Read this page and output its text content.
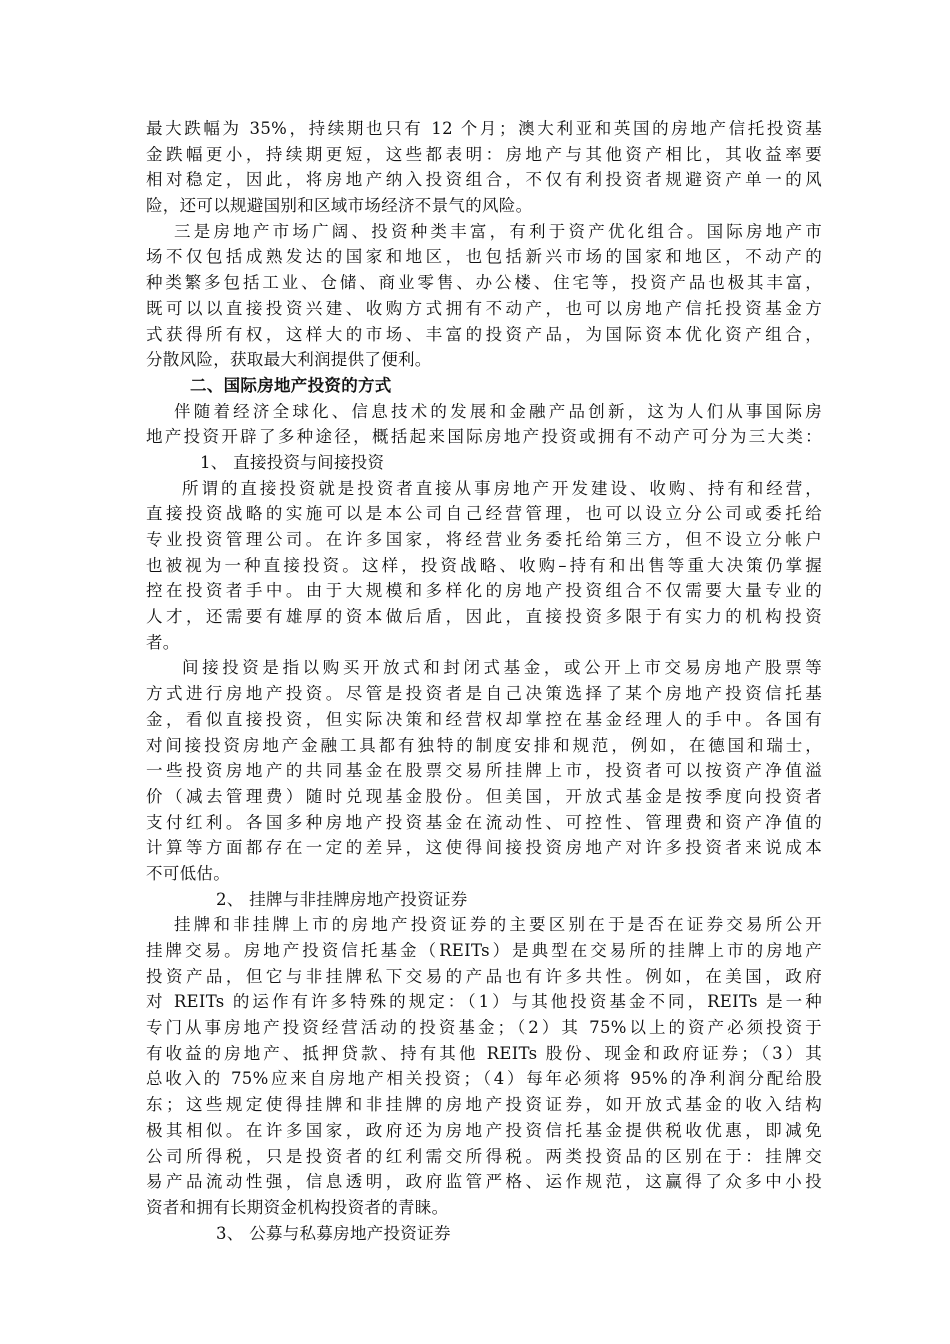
最大跌幅为 35%，持续期也只有 12 个月；澳大利亚和英国的房地产信托投资基
金跌幅更小，持续期更短，这些都表明：房地产与其他资产相比，其收益率要
相对稳定，因此，将房地产纳入投资组合，不仅有利投资者规避资产单一的风
险，还可以规避国别和区域市场经济不景气的风险。
三是房地产市场广阔、投资种类丰富，有利于资产优化组合。国际房地产市
场不仅包括成熟发达的国家和地区，也包括新兴市场的国家和地区，不动产的
种类繁多包括工业、仓储、商业零售、办公楼、住宅等，投资产品也极其丰富，
既可以以直接投资兴建、收购方式拥有不动产，也可以房地产信托投资基金方
式获得所有权，这样大的市场、丰富的投资产品，为国际资本优化资产组合，
分散风险，获取最大利润提供了便利。
二、国际房地产投资的方式
伴随着经济全球化、信息技术的发展和金融产品创新，这为人们从事国际房
地产投资开辟了多种途径，概括起来国际房地产投资或拥有不动产可分为三大类：
1、 直接投资与间接投资
所谓的直接投资就是投资者直接从事房地产开发建设、收购、持有和经营，
直接投资战略的实施可以是本公司自己经营管理，也可以设立分公司或委托给
专业投资管理公司。在许多国家，将经营业务委托给第三方，但不设立分帐户
也被视为一种直接投资。这样，投资战略、收购–持有和出售等重大决策仍掌握
控在投资者手中。由于大规模和多样化的房地产投资组合不仅需要大量专业的
人才，还需要有雄厚的资本做后盾，因此，直接投资多限于有实力的机构投资
者。
间接投资是指以购买开放式和封闭式基金，或公开上市交易房地产股票等
方式进行房地产投资。尽管是投资者是自己决策选择了某个房地产投资信托基
金，看似直接投资，但实际决策和经营权却掌控在基金经理人的手中。各国有
对间接投资房地产金融工具都有独特的制度安排和规范，例如，在德国和瑞士，
一些投资房地产的共同基金在股票交易所挂牌上市，投资者可以按资产净值溢
价（减去管理费）随时兑现基金股份。但美国，开放式基金是按季度向投资者
支付红利。各国多种房地产投资基金在流动性、可控性、管理费和资产净值的
计算等方面都存在一定的差异，这使得间接投资房地产对许多投资者来说成本
不可低估。
2、 挂牌与非挂牌房地产投资证券
挂牌和非挂牌上市的房地产投资证券的主要区别在于是否在证券交易所公开
挂牌交易。房地产投资信托基金（REITs）是典型在交易所的挂牌上市的房地产
投资产品，但它与非挂牌私下交易的产品也有许多共性。例如，在美国，政府
对 REITs 的运作有许多特殊的规定：（1）与其他投资基金不同，REITs 是一种
专门从事房地产投资经营活动的投资基金；（2）其 75%以上的资产必须投资于
有收益的房地产、抵押贷款、持有其他 REITs 股份、现金和政府证券；（3）其
总收入的 75%应来自房地产相关投资；（4）每年必须将 95%的净利润分配给股
东；这些规定使得挂牌和非挂牌的房地产投资证券，如开放式基金的收入结构
极其相似。在许多国家，政府还为房地产投资信托基金提供税收优惠，即减免
公司所得税，只是投资者的红利需交所得税。两类投资品的区别在于：挂牌交
易产品流动性强，信息透明，政府监管严格、运作规范，这赢得了众多中小投
资者和拥有长期资金机构投资者的青睐。
3、 公募与私募房地产投资证券
